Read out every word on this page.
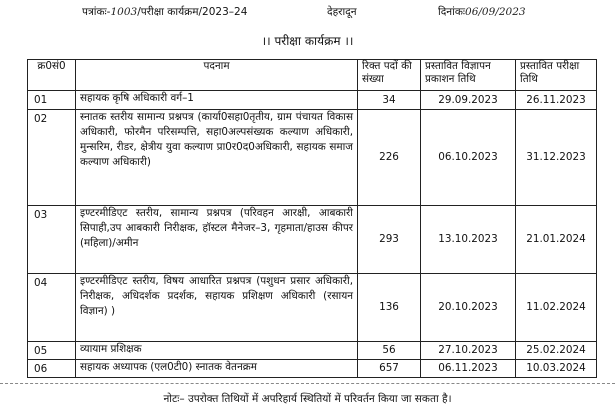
पत्रांकः-1003/परीक्षा कार्यक्रम/2023–24	देहरादून	दिनांकः06/09/2023
।। परीक्षा कार्यक्रम ।।
क्र0सं0	पदनाम	रिक्त पदों की संख्या	प्रस्तावित विज्ञापन प्रकाशन तिथि	प्रस्तावित परीक्षा तिथि
01	सहायक कृषि अधिकारी वर्ग–1	34	29.09.2023	26.11.2023
02	स्नातक स्तरीय सामान्य प्रश्नपत्र (कार्या0सहा0तृतीय, ग्राम पंचायत विकास अधिकारी, फोरमैन परिसम्पत्ति, सहा0अल्पसंख्यक कल्याण अधिकारी, मुन्सरिम, रीडर, क्षेत्रीय युवा कल्याण प्रा0र0द0अधिकारी, सहायक समाज कल्याण अधिकारी)	226	06.10.2023	31.12.2023
03	इण्टरमीडिएट स्तरीय, सामान्य प्रश्नपत्र (परिवहन आरक्षी, आबकारी सिपाही,उप आबकारी निरीक्षक, हॉस्टल मैनेजर–3, गृहमाता/हाउस कीपर (महिला)/अमीन	293	13.10.2023	21.01.2024
04	इण्टरमीडिएट स्तरीय, विषय आधारित प्रश्नपत्र (पशुधन प्रसार अधिकारी, निरीक्षक, अधिदर्शक प्रदर्शक, सहायक प्रशिक्षण अधिकारी (रसायन विज्ञान) )	136	20.10.2023	11.02.2024
05	व्यायाम प्रशिक्षक	56	27.10.2023	25.02.2024
06	सहायक अध्यापक (एल0टी0) स्नातक वेतनक्रम	657	06.11.2023	10.03.2024
नोटः– उपरोक्त तिथियों में अपरिहार्य स्थितियों में परिवर्तन किया जा सकता है।
